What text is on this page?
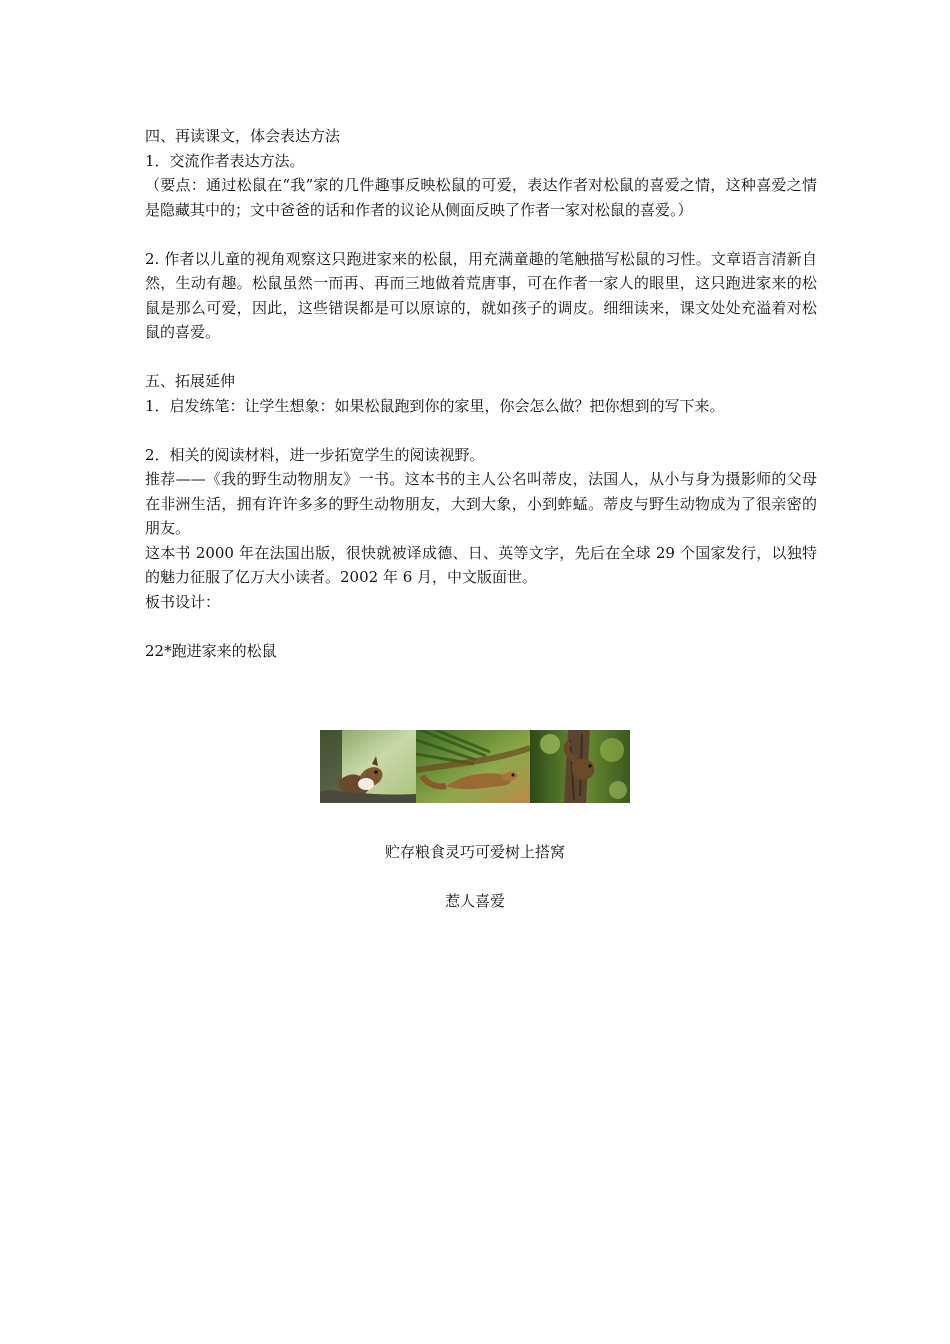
四、再读课文，体会表达方法

1．交流作者表达方法。

（要点：通过松鼠在“我”家的几件趣事反映松鼠的可爱，表达作者对松鼠的喜爱之情，这种喜爱之情是隐藏其中的；文中爸爸的话和作者的议论从侧面反映了作者一家对松鼠的喜爱。）

2. 作者以儿童的视角观察这只跑进家来的松鼠，用充满童趣的笔触描写松鼠的习性。文章语言清新自然，生动有趣。松鼠虽然一而再、再而三地做着荒唐事，可在作者一家人的眼里，这只跑进家来的松鼠是那么可爱，因此，这些错误都是可以原谅的，就如孩子的调皮。细细读来，课文处处充溢着对松鼠的喜爱。

五、拓展延伸

1．启发练笔：让学生想象：如果松鼠跑到你的家里，你会怎么做？把你想到的写下来。

2．相关的阅读材料，进一步拓宽学生的阅读视野。

推荐——《我的野生动物朋友》一书。这本书的主人公名叫蒂皮，法国人，从小与身为摄影师的父母在非洲生活，拥有许许多多的野生动物朋友，大到大象，小到蚱蜢。蒂皮与野生动物成为了很亲密的朋友。

这本书 2000 年在法国出版，很快就被译成德、日、英等文字，先后在全球 29 个国家发行，以独特的魅力征服了亿万大小读者。2002 年 6 月，中文版面世。

板书设计：

22*跑进家来的松鼠

贮存粮食灵巧可爱树上搭窝
惹人喜爱
